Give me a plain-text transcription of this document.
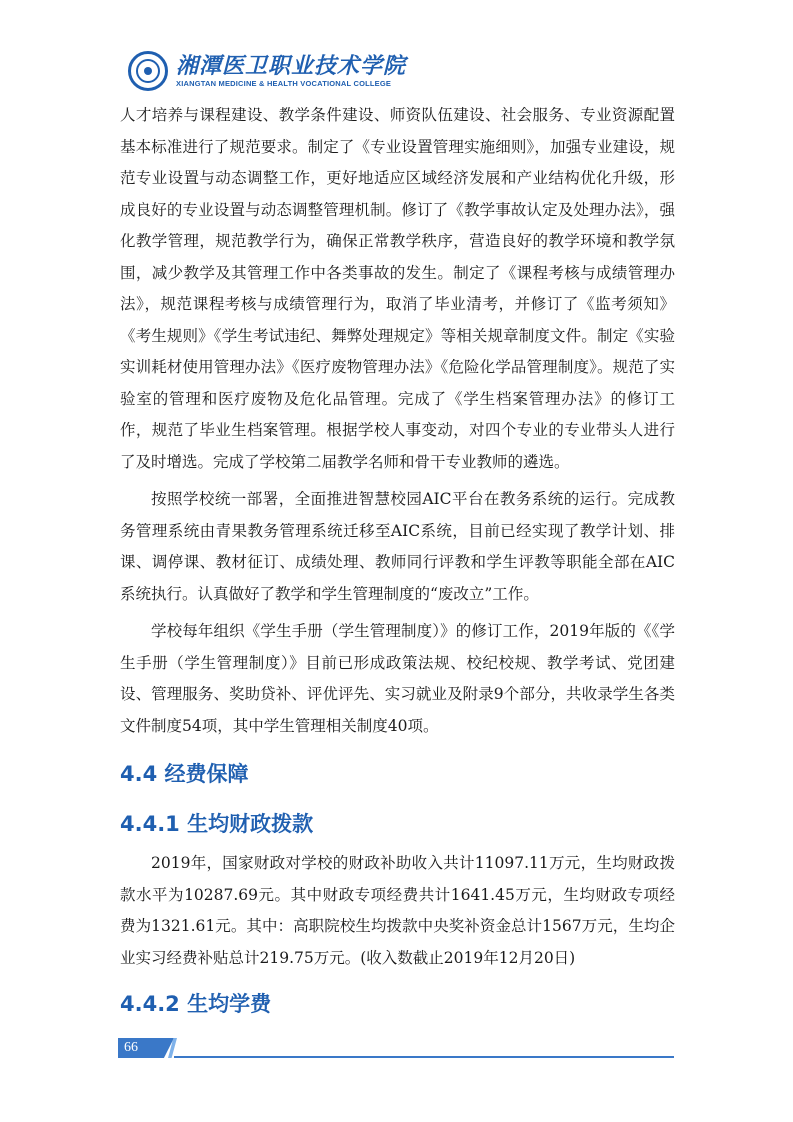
湘潭医卫职业技术学院
XIANGTAN MEDICINE & HEALTH VOCATIONAL COLLEGE

人才培养与课程建设、教学条件建设、师资队伍建设、社会服务、专业资源配置基本标准进行了规范要求。制定了《专业设置管理实施细则》，加强专业建设，规范专业设置与动态调整工作，更好地适应区域经济发展和产业结构优化升级，形成良好的专业设置与动态调整管理机制。修订了《教学事故认定及处理办法》，强化教学管理，规范教学行为，确保正常教学秩序，营造良好的教学环境和教学氛围，减少教学及其管理工作中各类事故的发生。制定了《课程考核与成绩管理办法》，规范课程考核与成绩管理行为，取消了毕业清考，并修订了《监考须知》《考生规则》《学生考试违纪、舞弊处理规定》等相关规章制度文件。制定《实验实训耗材使用管理办法》《医疗废物管理办法》《危险化学品管理制度》。规范了实验室的管理和医疗废物及危化品管理。完成了《学生档案管理办法》的修订工作，规范了毕业生档案管理。根据学校人事变动，对四个专业的专业带头人进行了及时增选。完成了学校第二届教学名师和骨干专业教师的遴选。

按照学校统一部署，全面推进智慧校园AIC平台在教务系统的运行。完成教务管理系统由青果教务管理系统迁移至AIC系统，目前已经实现了教学计划、排课、调停课、教材征订、成绩处理、教师同行评教和学生评教等职能全部在AIC系统执行。认真做好了教学和学生管理制度的“废改立”工作。

学校每年组织《学生手册（学生管理制度）》的修订工作，2019年版的《《学生手册（学生管理制度）》目前已形成政策法规、校纪校规、教学考试、党团建设、管理服务、奖助贷补、评优评先、实习就业及附录9个部分，共收录学生各类文件制度54项，其中学生管理相关制度40项。

4.4 经费保障
4.4.1 生均财政拨款

2019年，国家财政对学校的财政补助收入共计11097.11万元，生均财政拨款水平为10287.69元。其中财政专项经费共计1641.45万元，生均财政专项经费为1321.61元。其中：高职院校生均拨款中央奖补资金总计1567万元，生均企业实习经费补贴总计219.75万元。(收入数截止2019年12月20日)

4.4.2 生均学费
66
